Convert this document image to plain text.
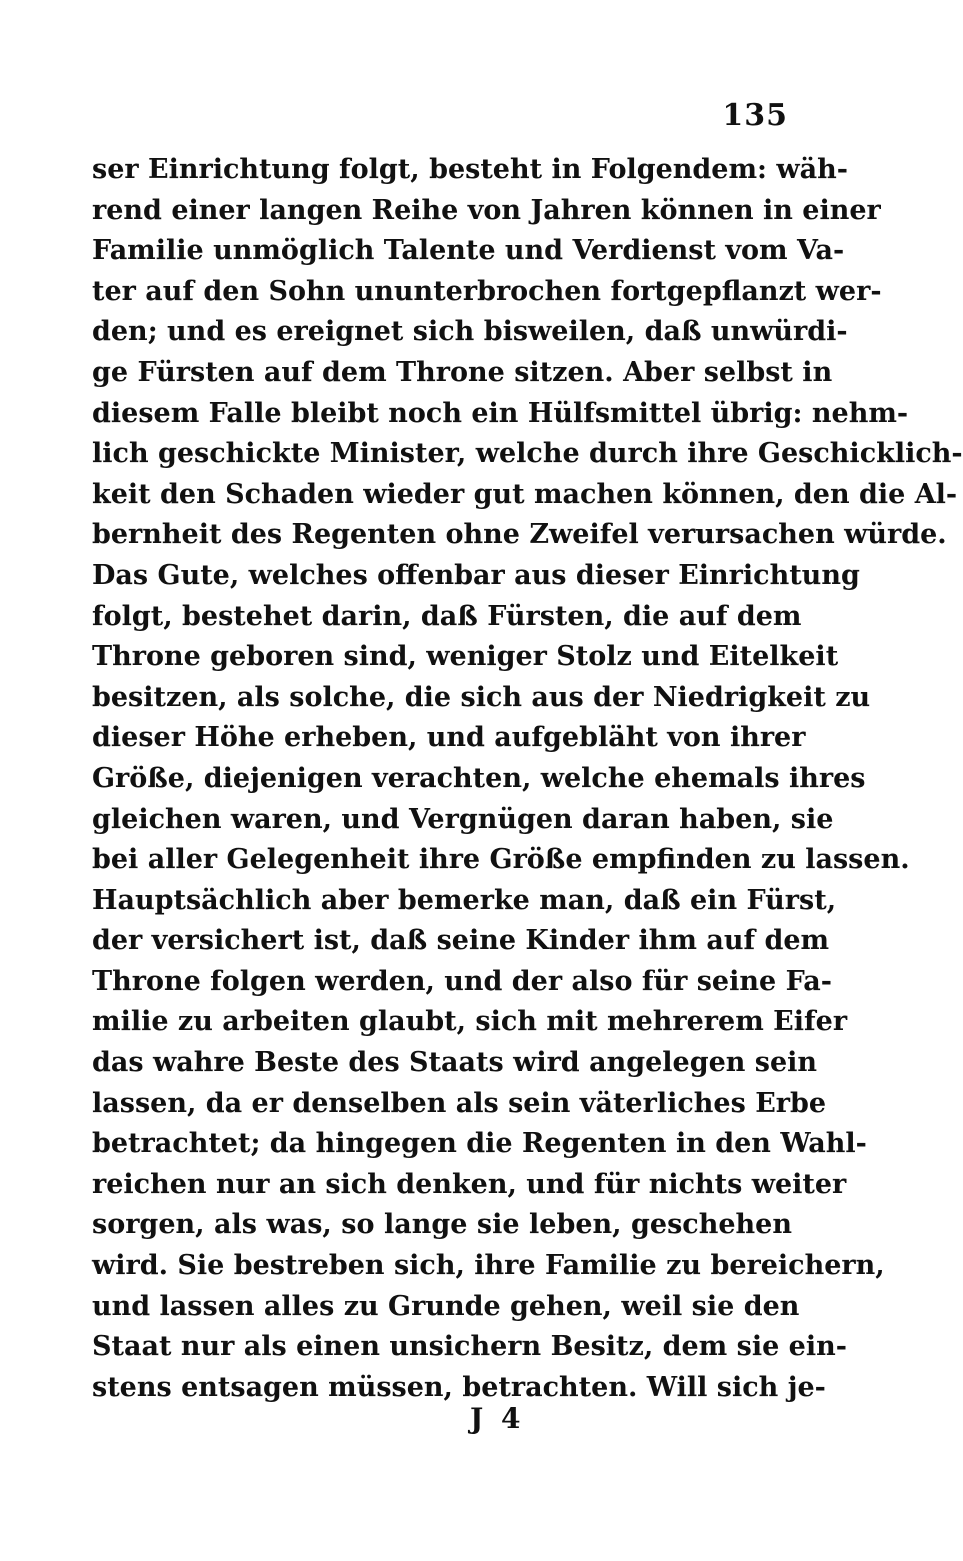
135
ser Einrichtung folgt, besteht in Folgendem: wäh-
rend einer langen Reihe von Jahren können in einer
Familie unmöglich Talente und Verdienst vom Va-
ter auf den Sohn ununterbrochen fortgepflanzt wer-
den; und es ereignet sich bisweilen, daß unwürdi-
ge Fürsten auf dem Throne sitzen. Aber selbst in
diesem Falle bleibt noch ein Hülfsmittel übrig: nehm-
lich geschickte Minister, welche durch ihre Geschicklich-
keit den Schaden wieder gut machen können, den die Al-
bernheit des Regenten ohne Zweifel verursachen würde.
Das Gute, welches offenbar aus dieser Einrichtung
folgt, bestehet darin, daß Fürsten, die auf dem
Throne geboren sind, weniger Stolz und Eitelkeit
besitzen, als solche, die sich aus der Niedrigkeit zu
dieser Höhe erheben, und aufgebläht von ihrer
Größe, diejenigen verachten, welche ehemals ihres
gleichen waren, und Vergnügen daran haben, sie
bei aller Gelegenheit ihre Größe empfinden zu lassen.
Hauptsächlich aber bemerke man, daß ein Fürst,
der versichert ist, daß seine Kinder ihm auf dem
Throne folgen werden, und der also für seine Fa-
milie zu arbeiten glaubt, sich mit mehrerem Eifer
das wahre Beste des Staats wird angelegen sein
lassen, da er denselben als sein väterliches Erbe
betrachtet; da hingegen die Regenten in den Wahl-
reichen nur an sich denken, und für nichts weiter
sorgen, als was, so lange sie leben, geschehen
wird. Sie bestreben sich, ihre Familie zu bereichern,
und lassen alles zu Grunde gehen, weil sie den
Staat nur als einen unsichern Besitz, dem sie ein-
stens entsagen müssen, betrachten. Will sich je-
J 4
